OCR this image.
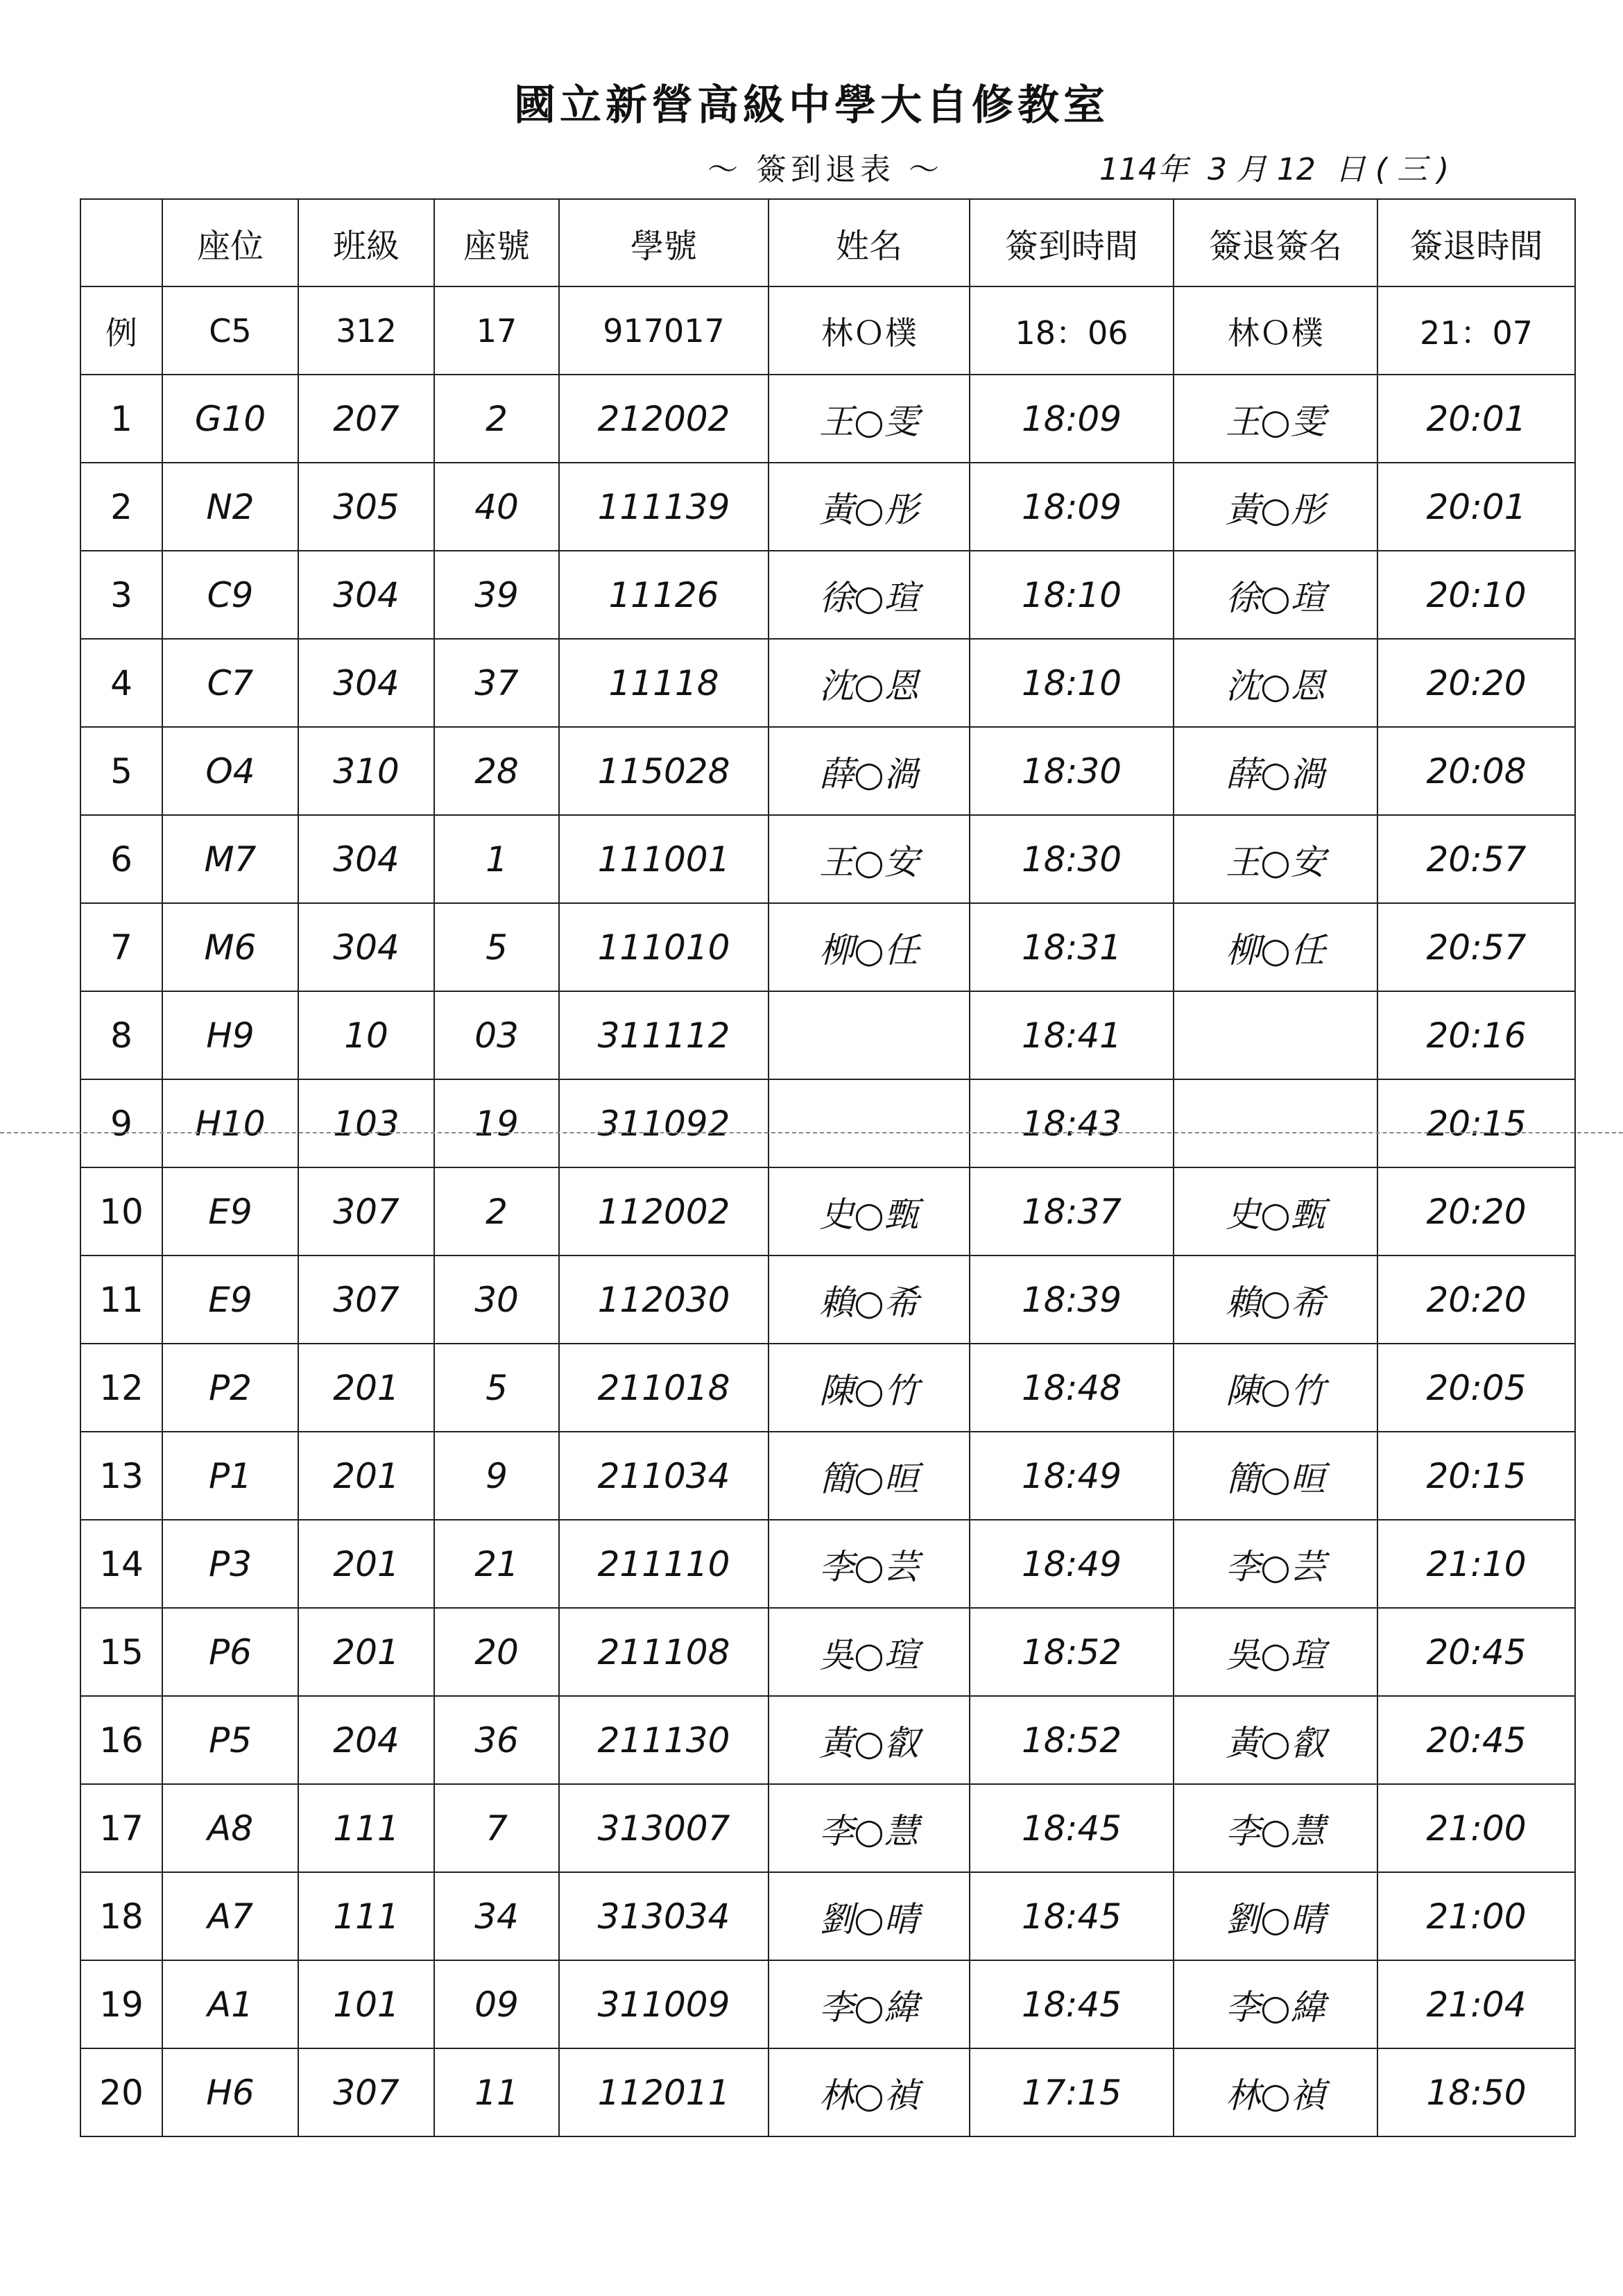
國立新營高級中學大自修教室
～ 簽到退表 ～	114年  3 月 12  日 ( 三 )
	座位	班級	座號	學號	姓名	簽到時間	簽退簽名	簽退時間
例	C5	312	17	917017	林Ｏ樸	18：06	林Ｏ樸	21：07
1	G10	207	2	212002	王○雯	18:09	王○雯	20:01
2	N2	305	40	111139	黃○彤	18:09	黃○彤	20:01
3	C9	304	39	11126	徐○瑄	18:10	徐○瑄	20:10
4	C7	304	37	11118	沈○恩	18:10	沈○恩	20:20
5	O4	310	28	115028	薛○渦	18:30	薛○渦	20:08
6	M7	304	1	111001	王○安	18:30	王○安	20:57
7	M6	304	5	111010	柳○任	18:31	柳○任	20:57
8	H9	10	03	311112		18:41		20:16
9	H10	103	19	311092		18:43		20:15
10	E9	307	2	112002	史○甄	18:37	史○甄	20:20
11	E9	307	30	112030	賴○希	18:39	賴○希	20:20
12	P2	201	5	211018	陳○竹	18:48	陳○竹	20:05
13	P1	201	9	211034	簡○晅	18:49	簡○晅	20:15
14	P3	201	21	211110	李○芸	18:49	李○芸	21:10
15	P6	201	20	211108	吳○瑄	18:52	吳○瑄	20:45
16	P5	204	36	211130	黃○叡	18:52	黃○叡	20:45
17	A8	111	7	313007	李○慧	18:45	李○慧	21:00
18	A7	111	34	313034	劉○晴	18:45	劉○晴	21:00
19	A1	101	09	311009	李○緯	18:45	李○緯	21:04
20	H6	307	11	112011	林○禎	17:15	林○禎	18:50
